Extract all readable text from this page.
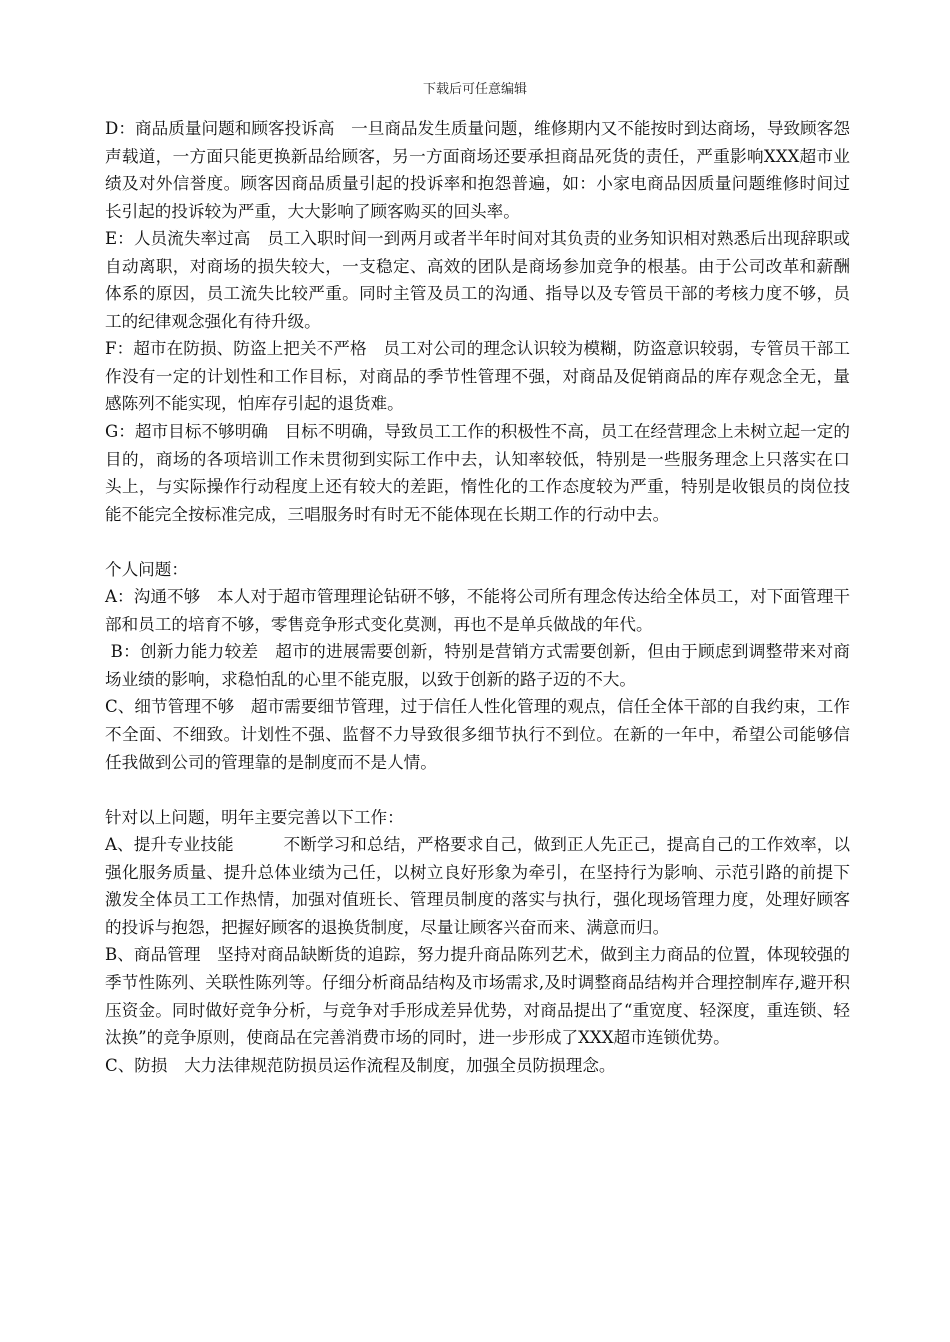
下载后可任意编辑

D：商品质量问题和顾客投诉高　一旦商品发生质量问题，维修期内又不能按时到达商场，导致顾客怨声载道，一方面只能更换新品给顾客，另一方面商场还要承担商品死货的责任，严重影响XXX超市业绩及对外信誉度。顾客因商品质量引起的投诉率和抱怨普遍，如：小家电商品因质量问题维修时间过长引起的投诉较为严重，大大影响了顾客购买的回头率。

E：人员流失率过高　员工入职时间一到两月或者半年时间对其负责的业务知识相对熟悉后出现辞职或自动离职，对商场的损失较大，一支稳定、高效的团队是商场参加竞争的根基。由于公司改革和薪酬体系的原因，员工流失比较严重。同时主管及员工的沟通、指导以及专管员干部的考核力度不够，员工的纪律观念强化有待升级。

F：超市在防损、防盗上把关不严格　员工对公司的理念认识较为模糊，防盗意识较弱，专管员干部工作没有一定的计划性和工作目标，对商品的季节性管理不强，对商品及促销商品的库存观念全无，量感陈列不能实现，怕库存引起的退货难。

G：超市目标不够明确　目标不明确，导致员工工作的积极性不高，员工在经营理念上未树立起一定的目的，商场的各项培训工作未贯彻到实际工作中去，认知率较低，特别是一些服务理念上只落实在口头上，与实际操作行动程度上还有较大的差距，惰性化的工作态度较为严重，特别是收银员的岗位技能不能完全按标准完成，三唱服务时有时无不能体现在长期工作的行动中去。

个人问题：

A：沟通不够　本人对于超市管理理论钻研不够，不能将公司所有理念传达给全体员工，对下面管理干部和员工的培育不够，零售竞争形式变化莫测，再也不是单兵做战的年代。

B：创新力能力较差　超市的进展需要创新，特别是营销方式需要创新，但由于顾虑到调整带来对商场业绩的影响，求稳怕乱的心里不能克服，以致于创新的路子迈的不大。

C、细节管理不够　超市需要细节管理，过于信任人性化管理的观点，信任全体干部的自我约束，工作不全面、不细致。计划性不强、监督不力导致很多细节执行不到位。在新的一年中，希望公司能够信任我做到公司的管理靠的是制度而不是人情。

针对以上问题，明年主要完善以下工作：

A、提升专业技能　　　不断学习和总结，严格要求自己，做到正人先正己，提高自己的工作效率，以强化服务质量、提升总体业绩为己任，以树立良好形象为牵引，在坚持行为影响、示范引路的前提下激发全体员工工作热情，加强对值班长、管理员制度的落实与执行，强化现场管理力度，处理好顾客的投诉与抱怨，把握好顾客的退换货制度，尽量让顾客兴奋而来、满意而归。

B、商品管理　坚持对商品缺断货的追踪，努力提升商品陈列艺术，做到主力商品的位置，体现较强的季节性陈列、关联性陈列等。仔细分析商品结构及市场需求,及时调整商品结构并合理控制库存,避开积压资金。同时做好竞争分析，与竞争对手形成差异优势，对商品提出了“重宽度、轻深度，重连锁、轻汰换”的竞争原则，使商品在完善消费市场的同时，进一步形成了XXX超市连锁优势。

C、防损　大力法律规范防损员运作流程及制度，加强全员防损理念。
